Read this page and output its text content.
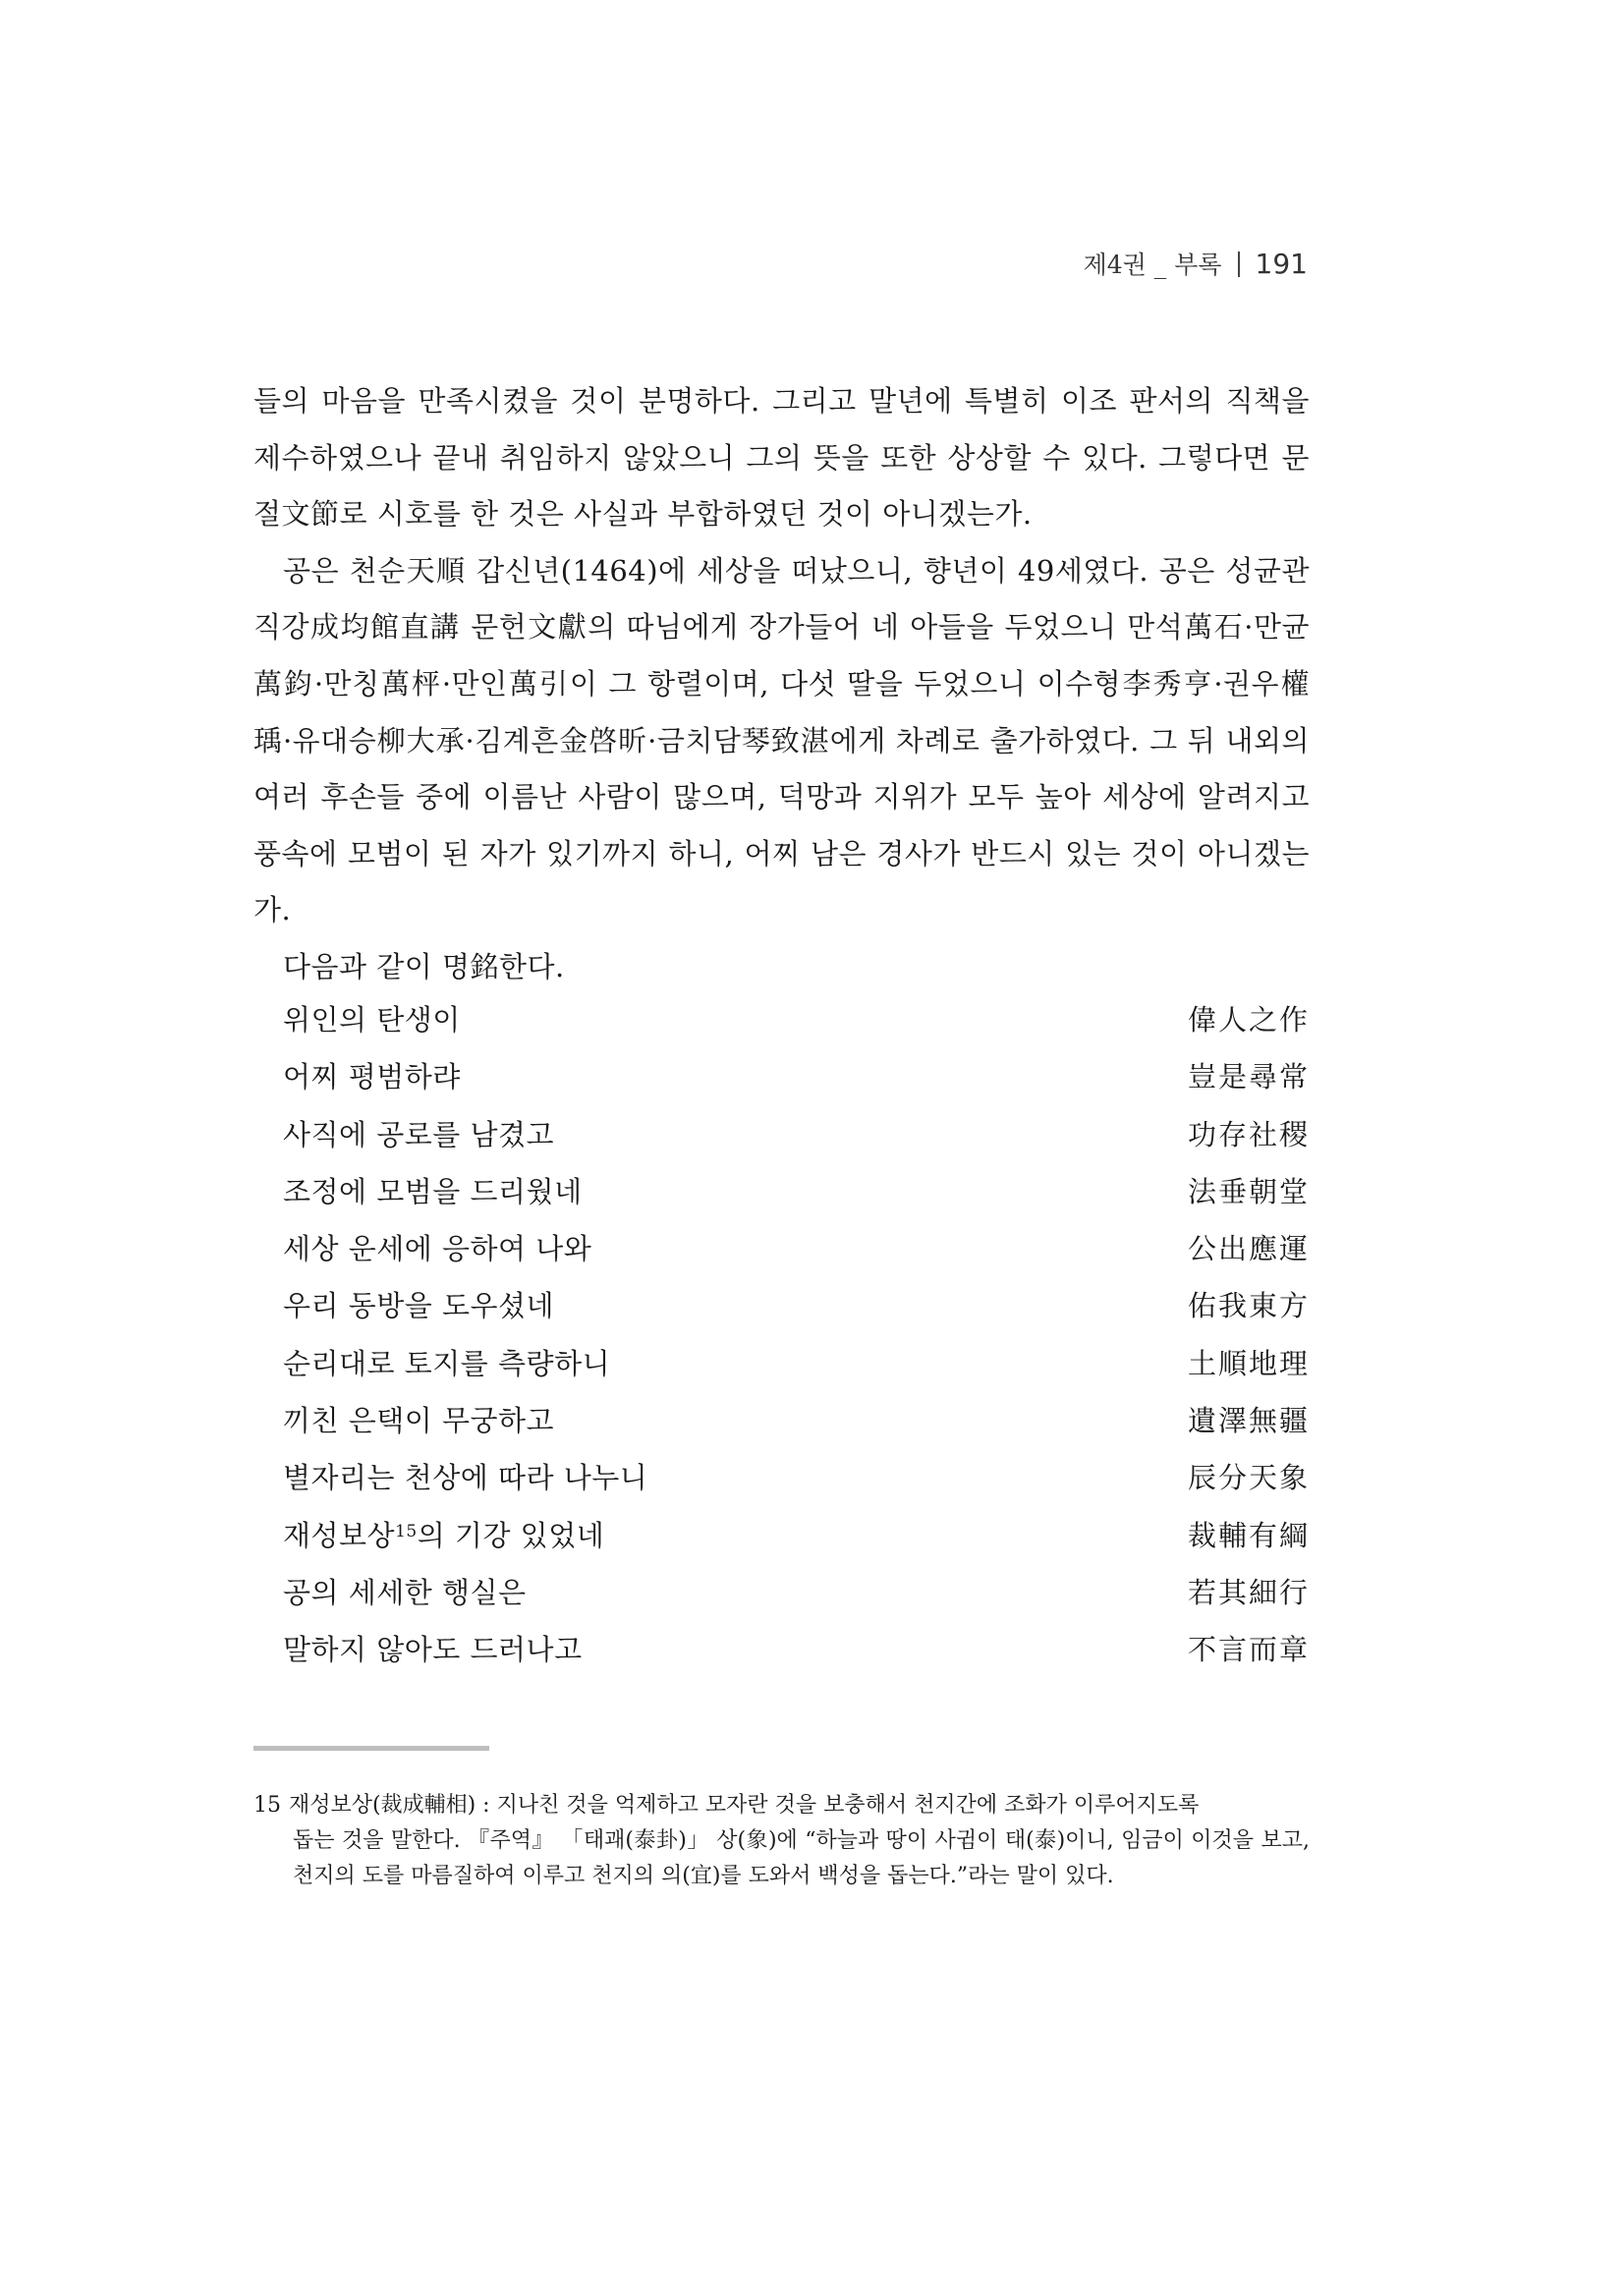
제4권 _ 부록 191

들의 마음을 만족시켰을 것이 분명하다. 그리고 말년에 특별히 이조 판서의 직책을 제수하였으나 끝내 취임하지 않았으니 그의 뜻을 또한 상상할 수 있다. 그렇다면 문절文節로 시호를 한 것은 사실과 부합하였던 것이 아니겠는가.

공은 천순天順 갑신년(1464)에 세상을 떠났으니, 향년이 49세였다. 공은 성균관직강成均館直講 문헌文獻의 따님에게 장가들어 네 아들을 두었으니 만석萬石·만균萬鈞·만칭萬枰·만인萬引이 그 항렬이며, 다섯 딸을 두었으니 이수형李秀亨·권우權瑀·유대승柳大承·김계흔金啓昕·금치담琴致湛에게 차례로 출가하였다. 그 뒤 내외의 여러 후손들 중에 이름난 사람이 많으며, 덕망과 지위가 모두 높아 세상에 알려지고 풍속에 모범이 된 자가 있기까지 하니, 어찌 남은 경사가 반드시 있는 것이 아니겠는가.

다음과 같이 명銘한다.

위인의 탄생이	偉人之作
어찌 평범하랴	豈是尋常
사직에 공로를 남겼고	功存社稷
조정에 모범을 드리웠네	法垂朝堂
세상 운세에 응하여 나와	公出應運
우리 동방을 도우셨네	佑我東方
순리대로 토지를 측량하니	土順地理
끼친 은택이 무궁하고	遺澤無疆
별자리는 천상에 따라 나누니	辰分天象
재성보상$^{15}$의 기강 있었네	裁輔有綱
공의 세세한 행실은	若其細行
말하지 않아도 드러나고	不言而章
15 재성보상(裁成輔相) : 지나친 것을 억제하고 모자란 것을 보충해서 천지간에 조화가 이루어지도록
돕는 것을 말한다. 『주역』 「태괘(泰卦)」 상(象)에 “하늘과 땅이 사귐이 태(泰)이니, 임금이 이것을 보고, 천지의 도를 마름질하여 이루고 천지의 의(宜)를 도와서 백성을 돕는다.”라는 말이 있다.
